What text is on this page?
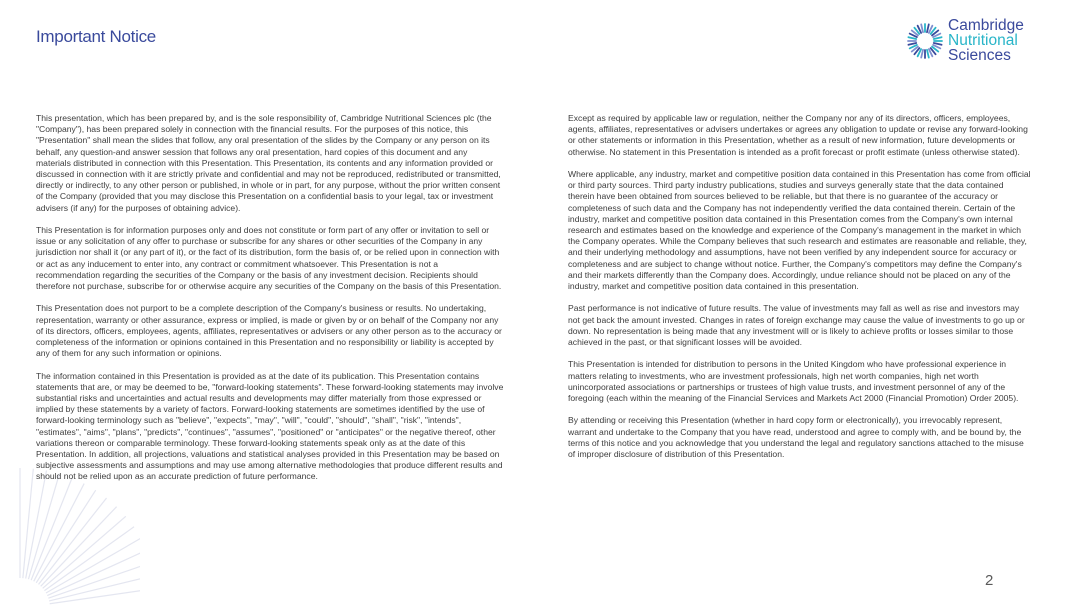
Important Notice
Cambridge
Nutritional
Sciences

This presentation, which has been prepared by, and is the sole responsibility of, Cambridge Nutritional Sciences plc (the "Company"), has been prepared solely in connection with the financial results. For the purposes of this notice, this "Presentation" shall mean the slides that follow, any oral presentation of the slides by the Company or any person on its behalf, any question-and answer session that follows any oral presentation, hard copies of this document and any materials distributed in connection with this Presentation. This Presentation, its contents and any information provided or discussed in connection with it are strictly private and confidential and may not be reproduced, redistributed or transmitted, directly or indirectly, to any other person or published, in whole or in part, for any purpose, without the prior written consent of the Company (provided that you may disclose this Presentation on a confidential basis to your legal, tax or investment advisers (if any) for the purposes of obtaining advice).

This Presentation is for information purposes only and does not constitute or form part of any offer or invitation to sell or issue or any solicitation of any offer to purchase or subscribe for any shares or other securities of the Company in any jurisdiction nor shall it (or any part of it), or the fact of its distribution, form the basis of, or be relied upon in connection with or act as any inducement to enter into, any contract or commitment whatsoever. This Presentation is not a recommendation regarding the securities of the Company or the basis of any investment decision. Recipients should therefore not purchase, subscribe for or otherwise acquire any securities of the Company on the basis of this Presentation.

This Presentation does not purport to be a complete description of the Company's business or results. No undertaking, representation, warranty or other assurance, express or implied, is made or given by or on behalf of the Company nor any of its directors, officers, employees, agents, affiliates, representatives or advisers or any other person as to the accuracy or completeness of the information or opinions contained in this Presentation and no responsibility or liability is accepted by any of them for any such information or opinions.

The information contained in this Presentation is provided as at the date of its publication. This Presentation contains statements that are, or may be deemed to be, "forward-looking statements". These forward-looking statements may involve substantial risks and uncertainties and actual results and developments may differ materially from those expressed or implied by these statements by a variety of factors. Forward-looking statements are sometimes identified by the use of forward-looking terminology such as "believe", "expects", "may", "will", "could", "should", "shall", "risk", "intends", "estimates", "aims", "plans", "predicts", "continues", "assumes", "positioned" or "anticipates" or the negative thereof, other variations thereon or comparable terminology. These forward-looking statements speak only as at the date of this Presentation. In addition, all projections, valuations and statistical analyses provided in this Presentation may be based on subjective assessments and assumptions and may use among alternative methodologies that produce different results and should not be relied upon as an accurate prediction of future performance.

Except as required by applicable law or regulation, neither the Company nor any of its directors, officers, employees, agents, affiliates, representatives or advisers undertakes or agrees any obligation to update or revise any forward-looking or other statements or information in this Presentation, whether as a result of new information, future developments or otherwise. No statement in this Presentation is intended as a profit forecast or profit estimate (unless otherwise stated).

Where applicable, any industry, market and competitive position data contained in this Presentation has come from official or third party sources. Third party industry publications, studies and surveys generally state that the data contained therein have been obtained from sources believed to be reliable, but that there is no guarantee of the accuracy or completeness of such data and the Company has not independently verified the data contained therein. Certain of the industry, market and competitive position data contained in this Presentation comes from the Company's own internal research and estimates based on the knowledge and experience of the Company's management in the market in which the Company operates. While the Company believes that such research and estimates are reasonable and reliable, they, and their underlying methodology and assumptions, have not been verified by any independent source for accuracy or completeness and are subject to change without notice. Further, the Company's competitors may define the Company's and their markets differently than the Company does. Accordingly, undue reliance should not be placed on any of the industry, market and competitive position data contained in this presentation.

Past performance is not indicative of future results. The value of investments may fall as well as rise and investors may not get back the amount invested. Changes in rates of foreign exchange may cause the value of investments to go up or down. No representation is being made that any investment will or is likely to achieve profits or losses similar to those achieved in the past, or that significant losses will be avoided.

This Presentation is intended for distribution to persons in the United Kingdom who have professional experience in matters relating to investments, who are investment professionals, high net worth companies, high net worth unincorporated associations or partnerships or trustees of high value trusts, and investment personnel of any of the foregoing (each within the meaning of the Financial Services and Markets Act 2000 (Financial Promotion) Order 2005).

By attending or receiving this Presentation (whether in hard copy form or electronically), you irrevocably represent, warrant and undertake to the Company that you have read, understood and agree to comply with, and be bound by, the terms of this notice and you acknowledge that you understand the legal and regulatory sanctions attached to the misuse of improper disclosure of distribution of this Presentation.

2
